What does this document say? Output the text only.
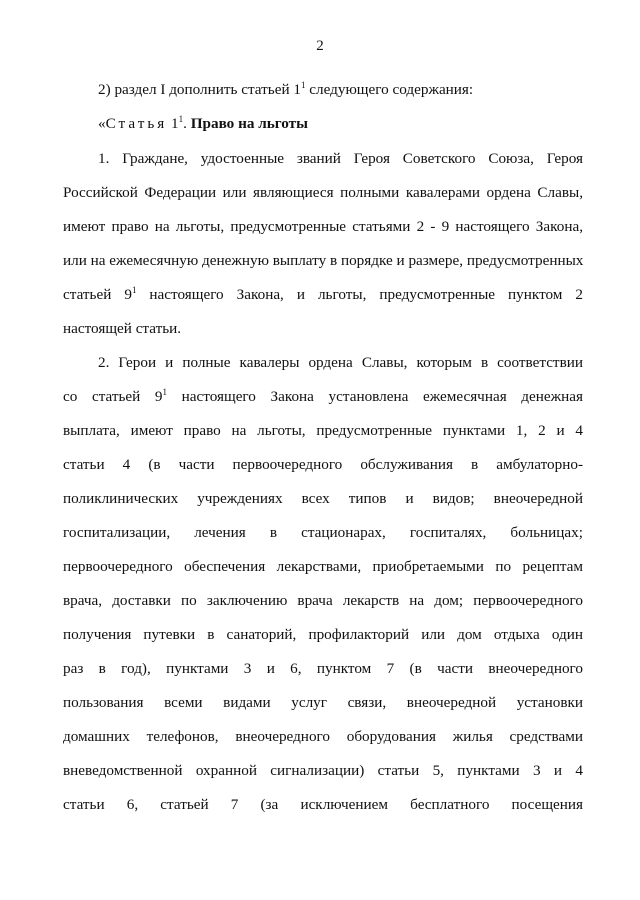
2
2) раздел I дополнить статьей $1^1$ следующего содержания:
«Статья $1^1$. Право на льготы
1. Граждане, удостоенные званий Героя Советского Союза, Героя
Российской Федерации или являющиеся полными кавалерами ордена Славы,
имеют право на льготы, предусмотренные статьями 2 - 9 настоящего Закона,
или на ежемесячную денежную выплату в порядке и размере, предусмотренных
статьей $9^1$ настоящего Закона, и льготы, предусмотренные пунктом 2
настоящей статьи.
2. Герои и полные кавалеры ордена Славы, которым в соответствии
со статьей $9^1$ настоящего Закона установлена ежемесячная денежная
выплата, имеют право на льготы, предусмотренные пунктами 1, 2 и 4
статьи 4 (в части первоочередного обслуживания в амбулаторно-
поликлинических учреждениях всех типов и видов; внеочередной
госпитализации, лечения в стационарах, госпиталях, больницах;
первоочередного обеспечения лекарствами, приобретаемыми по рецептам
врача, доставки по заключению врача лекарств на дом; первоочередного
получения путевки в санаторий, профилакторий или дом отдыха один
раз в год), пунктами 3 и 6, пунктом 7 (в части внеочередного
пользования всеми видами услуг связи, внеочередной установки
домашних телефонов, внеочередного оборудования жилья средствами
вневедомственной охранной сигнализации) статьи 5, пунктами 3 и 4
статьи 6, статьей 7 (за исключением бесплатного посещения
